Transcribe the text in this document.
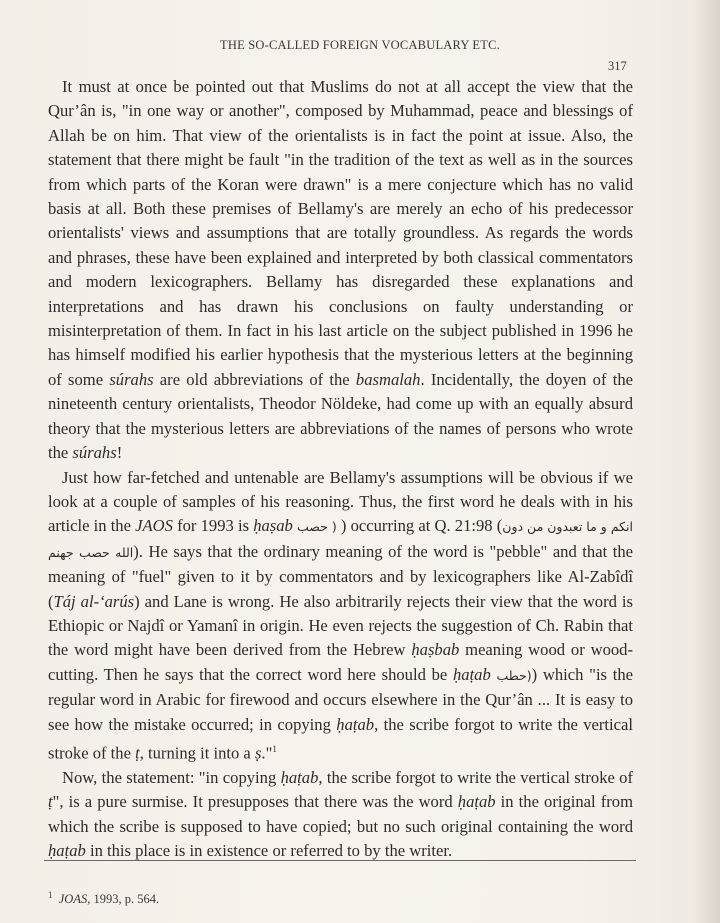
THE SO-CALLED FOREIGN VOCABULARY ETC.
317

It must at once be pointed out that Muslims do not at all accept the view that the Qur’ân is, "in one way or another", composed by Muhammad, peace and blessings of Allah be on him. That view of the orientalists is in fact the point at issue. Also, the statement that there might be fault "in the tradition of the text as well as in the sources from which parts of the Koran were drawn" is a mere conjecture which has no valid basis at all. Both these premises of Bellamy's are merely an echo of his predecessor orientalists' views and assumptions that are totally groundless. As regards the words and phrases, these have been explained and interpreted by both classical commentators and modern lexicographers. Bellamy has disregarded these explanations and interpretations and has drawn his conclusions on faulty understanding or misinterpretation of them. In fact in his last article on the subject published in 1996 he has himself modified his earlier hypothesis that the mysterious letters at the beginning of some súrahs are old abbreviations of the basmalah. Incidentally, the doyen of the nineteenth century orientalists, Theodor Nöldeke, had come up with an equally absurd theory that the mysterious letters are abbreviations of the names of persons who wrote the súrahs!

Just how far-fetched and untenable are Bellamy's assumptions will be obvious if we look at a couple of samples of his reasoning. Thus, the first word he deals with in his article in the JAOS for 1993 is ḥaṣab ( حصب ) occurring at Q. 21:98 (انكم و ما تعبدون من دون الله حصب جهنم). He says that the ordinary meaning of the word is "pebble" and that the meaning of "fuel" given to it by commentators and by lexicographers like Al-Zabîdî (Táj al-‘arús) and Lane is wrong. He also arbitrarily rejects their view that the word is Ethiopic or Najdî or Yamanî in origin. He even rejects the suggestion of Ch. Rabin that the word might have been derived from the Hebrew ḥaṣbab meaning wood or wood-cutting. Then he says that the correct word here should be ḥaṭab (حطب) which "is the regular word in Arabic for firewood and occurs elsewhere in the Qur’ân ... It is easy to see how the mistake occurred; in copying ḥaṭab, the scribe forgot to write the vertical stroke of the ṭ, turning it into a ṣ."$^1$

Now, the statement: "in copying ḥaṭab, the scribe forgot to write the vertical stroke of ṭ", is a pure surmise. It presupposes that there was the word ḥaṭab in the original from which the scribe is supposed to have copied; but no such original containing the word ḥaṭab in this place is in existence or referred to by the writer.

$^1$ JOAS, 1993, p. 564.
